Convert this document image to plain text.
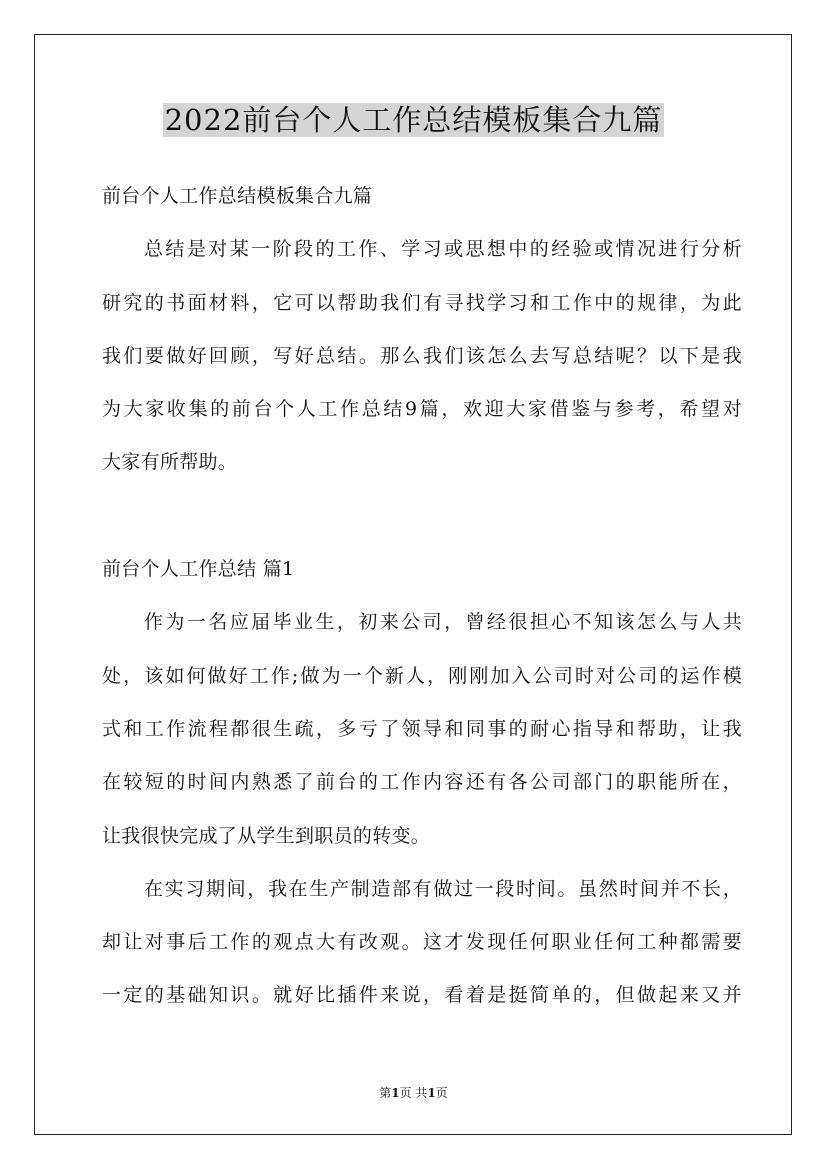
2022前台个人工作总结模板集合九篇
前台个人工作总结模板集合九篇
总结是对某一阶段的工作、学习或思想中的经验或情况进行分析
研究的书面材料，它可以帮助我们有寻找学习和工作中的规律，为此
我们要做好回顾，写好总结。那么我们该怎么去写总结呢？以下是我
为大家收集的前台个人工作总结9篇，欢迎大家借鉴与参考，希望对
大家有所帮助。
前台个人工作总结 篇1
作为一名应届毕业生，初来公司，曾经很担心不知该怎么与人共
处，该如何做好工作;做为一个新人，刚刚加入公司时对公司的运作模
式和工作流程都很生疏，多亏了领导和同事的耐心指导和帮助，让我
在较短的时间内熟悉了前台的工作内容还有各公司部门的职能所在，
让我很快完成了从学生到职员的转变。
在实习期间，我在生产制造部有做过一段时间。虽然时间并不长，
却让对事后工作的观点大有改观。这才发现任何职业任何工种都需要
一定的基础知识。就好比插件来说，看着是挺简单的，但做起来又并
第1页 共1页
